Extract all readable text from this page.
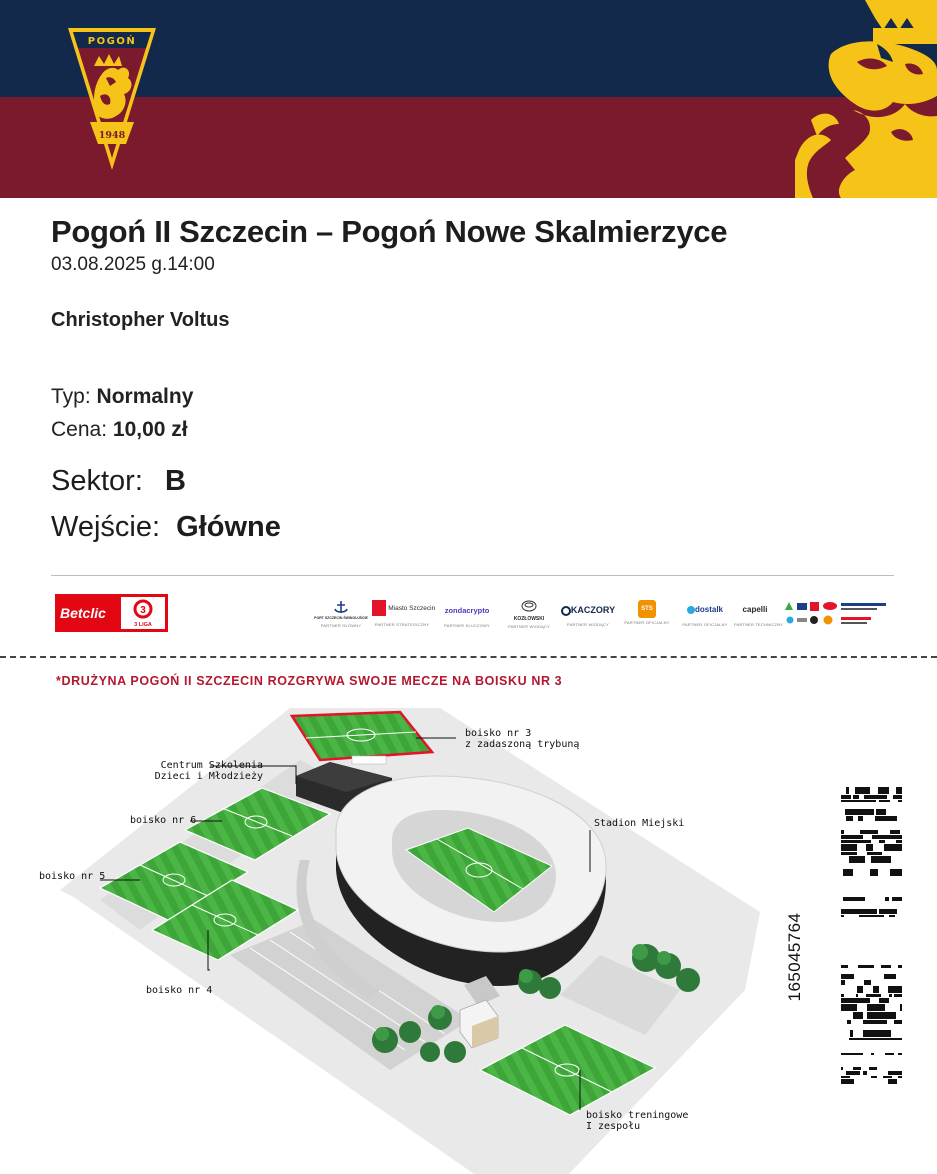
POGOŃ
1948
Pogoń II Szczecin – Pogoń Nowe Skalmierzyce
03.08.2025 g.14:00
Christopher Voltus
Typ: Normalny
Cena: 10,00 zł
Sektor: B
Wejście: Główne
Betclic	3
3 LIGA
PORT SZCZECIN ŚWINOUJŚCIE
PARTNER GŁÓWNY
Miasto Szczecin
PARTNER STRATEGICZNY
zondacrypto
PARTNER KLUCZOWY
KOZŁOWSKI
PARTNER WIODĄCY
KACZORY
PARTNER WIODĄCY
STS
PARTNER OFICJALNY
dostalk
PARTNER OFICJALNY
capelli
PARTNER TECHNICZNY
*DRUŻYNA POGOŃ II SZCZECIN ROZGRYWA SWOJE MECZE NA BOISKU NR 3
boisko nr 3
z zadaszoną trybuną
Centrum Szkolenia
Dzieci i Młodzieży
boisko nr 6
boisko nr 5
boisko nr 4
Stadion Miejski
boisko treningowe
I zespołu
165045764
